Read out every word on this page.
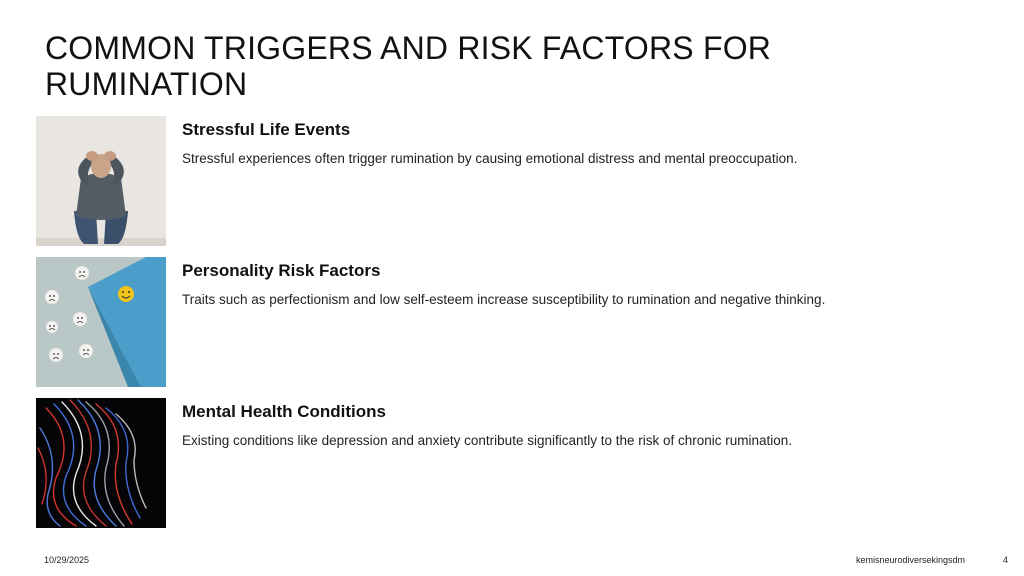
COMMON TRIGGERS AND RISK FACTORS FOR RUMINATION
Stressful Life Events

Stressful experiences often trigger rumination by causing emotional distress and mental preoccupation.

Personality Risk Factors

Traits such as perfectionism and low self-esteem increase susceptibility to rumination and negative thinking.

Mental Health Conditions

Existing conditions like depression and anxiety contribute significantly to the risk of chronic rumination.

10/29/2025	kemisneurodiversekingsdm	4
